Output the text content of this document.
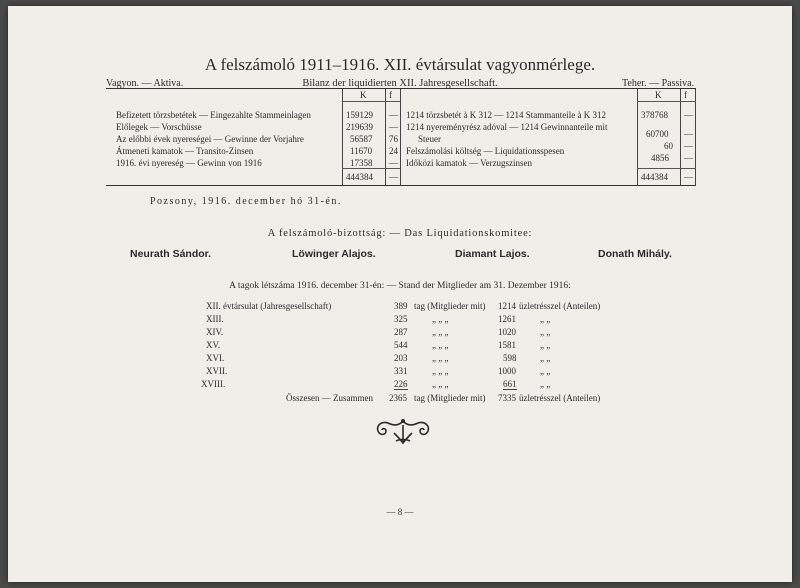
A felszámoló 1911–1916. XII. évtársulat vagyonmérlege.
Vagyon. — Aktiva.	Bilanz der liquidierten XII. Jahresgesellschaft.	Teher. — Passiva.
K	f	K	f
Befizetett törzsbetétek — Eingezahlte Stammeinlagen	159129 —
Előlegek — Vorschüsse	219639 —
Az előbbi évek nyereségei — Gewinne der Vorjahre	56587 76
Átmeneti kamatok — Transito-Zinsen	11670 24
1916. évi nyereség — Gewinn von 1916	17358 —
444384 —
1214 törzsbetét à K 312 — 1214 Stammanteile à K 312	378768 —
1214 nyereményrész adóval — 1214 Gewinnanteile mit
Steuer	60700 —
Felszámolási költség — Liquidationsspesen	60 —
Időközi kamatok — Verzugszinsen	4856 —
444384 —
Pozsony, 1916. december hó 31-én.
A felszámoló-bizottság: — Das Liquidationskomitee:
Neurath Sándor.	Löwinger Alajos.	Diamant Lajos.	Donath Mihály.
A tagok létszáma 1916. december 31-én: — Stand der Mitglieder am 31. Dezember 1916:
XII. évtársulat (Jahresgesellschaft)	389 tag (Mitglieder mit) 1214 üzletrésszel (Anteilen)
XIII.	325	„ „ „	1261	„ „
XIV.	287	„ „ „	1020	„ „
XV.	544	„ „ „	1581	„ „
XVI.	203	„ „ „	598	„ „
XVII.	331	„ „ „	1000	„ „
XVIII.	226	„ „ „	661	„ „
Összesen — Zusammen 2365 tag (Mitglieder mit) 7335 üzletrésszel (Anteilen)
— 8 —
